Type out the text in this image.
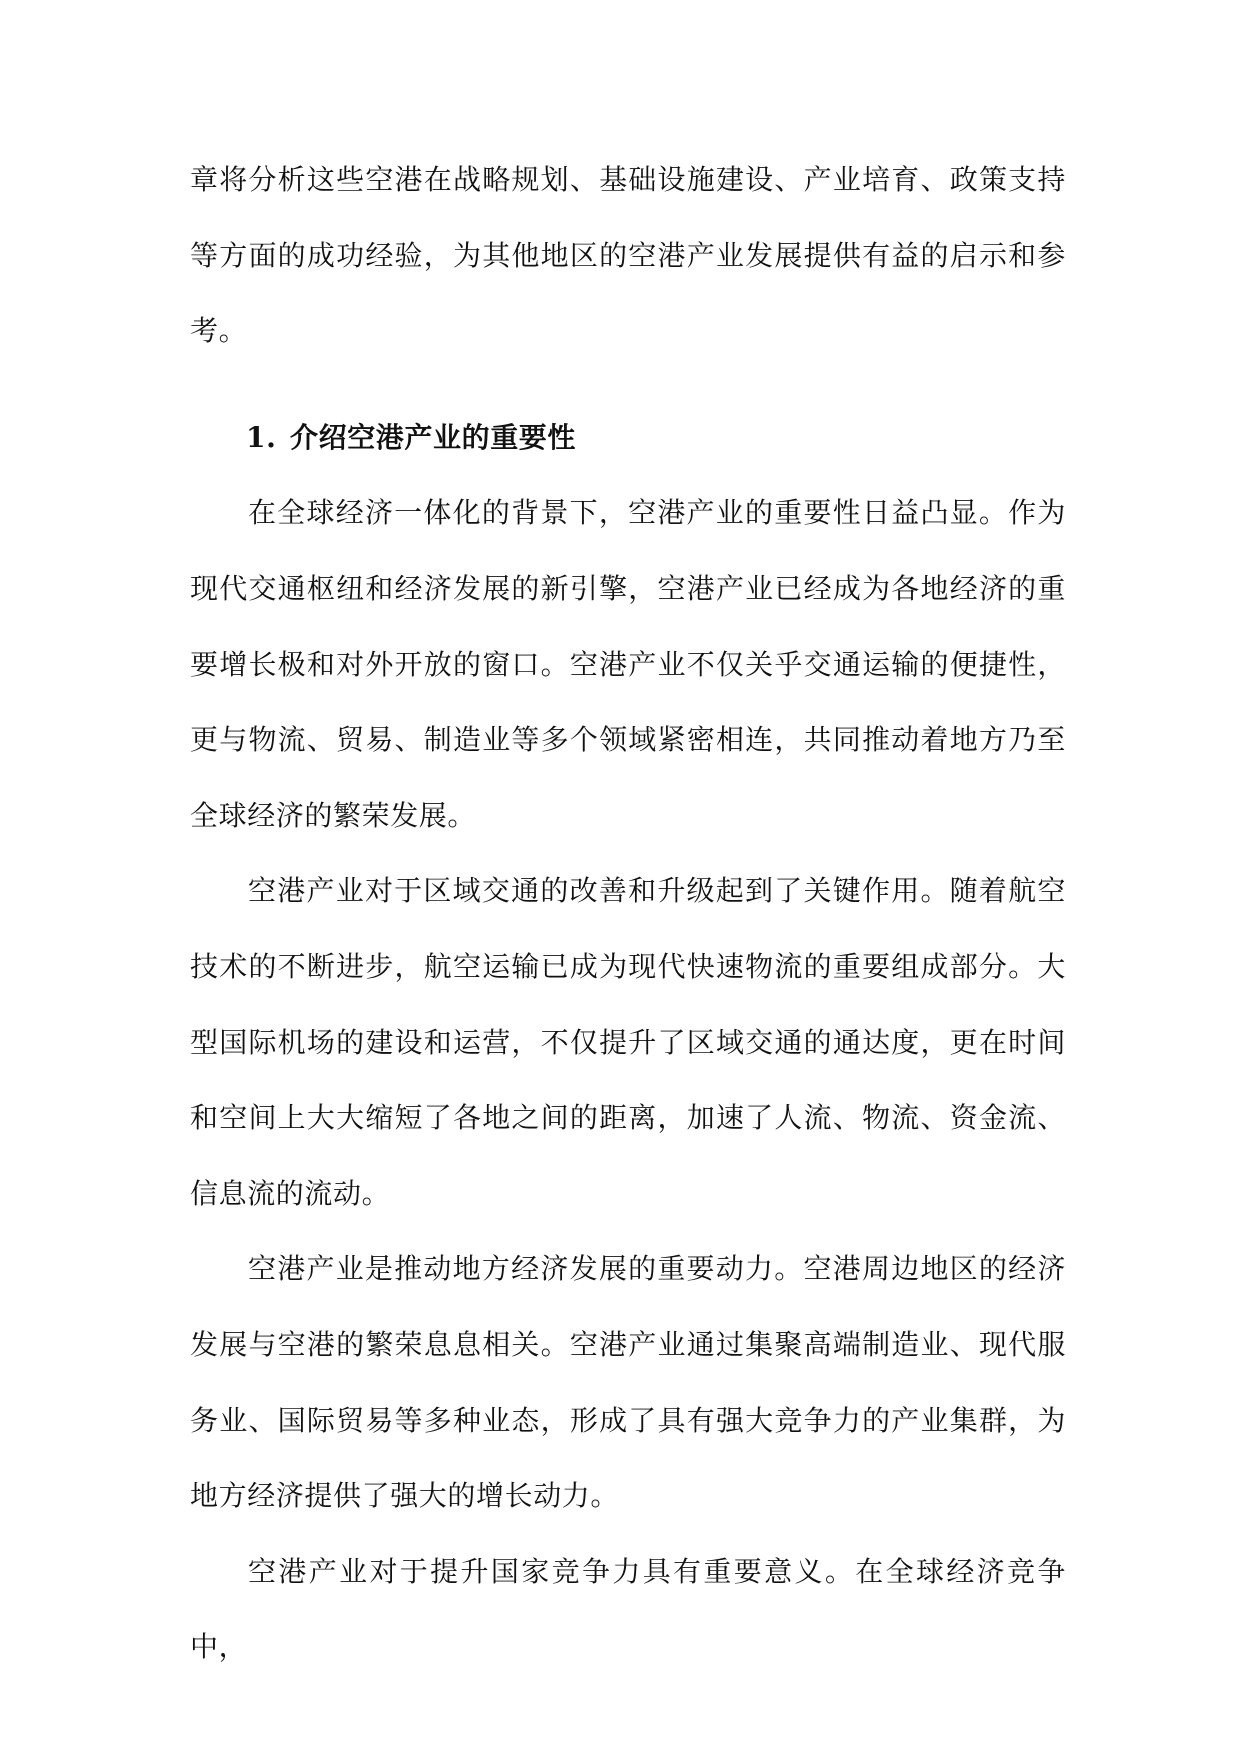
章将分析这些空港在战略规划、基础设施建设、产业培育、政策支持等方面的成功经验，为其他地区的空港产业发展提供有益的启示和参考。

1. 介绍空港产业的重要性

在全球经济一体化的背景下，空港产业的重要性日益凸显。作为现代交通枢纽和经济发展的新引擎，空港产业已经成为各地经济的重要增长极和对外开放的窗口。空港产业不仅关乎交通运输的便捷性，更与物流、贸易、制造业等多个领域紧密相连，共同推动着地方乃至全球经济的繁荣发展。

空港产业对于区域交通的改善和升级起到了关键作用。随着航空技术的不断进步，航空运输已成为现代快速物流的重要组成部分。大型国际机场的建设和运营，不仅提升了区域交通的通达度，更在时间和空间上大大缩短了各地之间的距离，加速了人流、物流、资金流、信息流的流动。

空港产业是推动地方经济发展的重要动力。空港周边地区的经济发展与空港的繁荣息息相关。空港产业通过集聚高端制造业、现代服务业、国际贸易等多种业态，形成了具有强大竞争力的产业集群，为地方经济提供了强大的增长动力。

空港产业对于提升国家竞争力具有重要意义。在全球经济竞争中，
